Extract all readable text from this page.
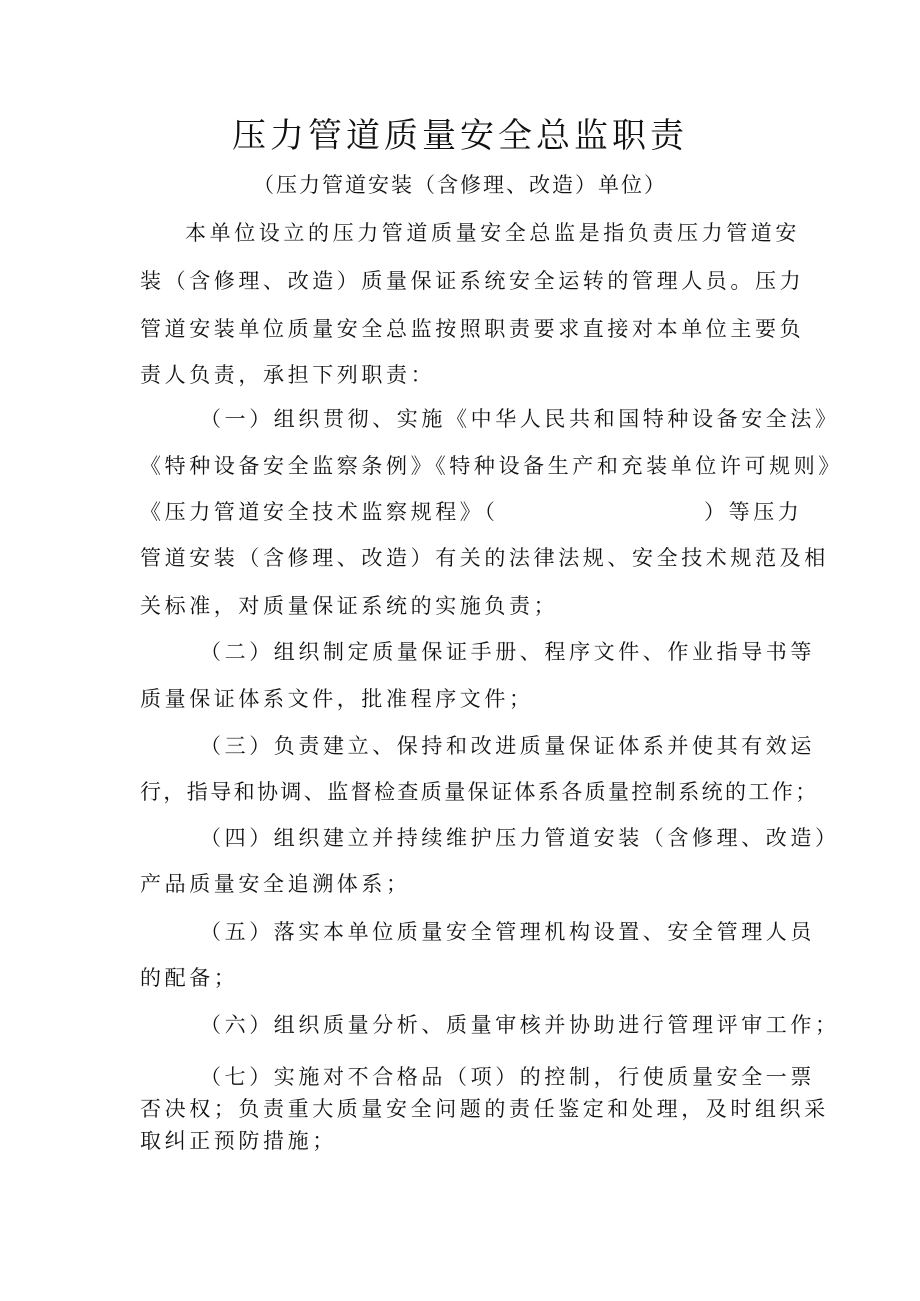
压力管道质量安全总监职责
（压力管道安装（含修理、改造）单位）
本单位设立的压力管道质量安全总监是指负责压力管道安
装（含修理、改造）质量保证系统安全运转的管理人员。压力
管道安装单位质量安全总监按照职责要求直接对本单位主要负
责人负责，承担下列职责：
（一）组织贯彻、实施《中华人民共和国特种设备安全法》
《特种设备安全监察条例》《特种设备生产和充装单位许可规则》
《压力管道安全技术监察规程》（                    ）等压力
管道安装（含修理、改造）有关的法律法规、安全技术规范及相
关标准，对质量保证系统的实施负责；
（二）组织制定质量保证手册、程序文件、作业指导书等
质量保证体系文件，批准程序文件；
（三）负责建立、保持和改进质量保证体系并使其有效运
行，指导和协调、监督检查质量保证体系各质量控制系统的工作；
（四）组织建立并持续维护压力管道安装（含修理、改造）
产品质量安全追溯体系；
（五）落实本单位质量安全管理机构设置、安全管理人员
的配备；
（六）组织质量分析、质量审核并协助进行管理评审工作；
（七）实施对不合格品（项）的控制，行使质量安全一票
否决权；负责重大质量安全问题的责任鉴定和处理，及时组织采
取纠正预防措施；
